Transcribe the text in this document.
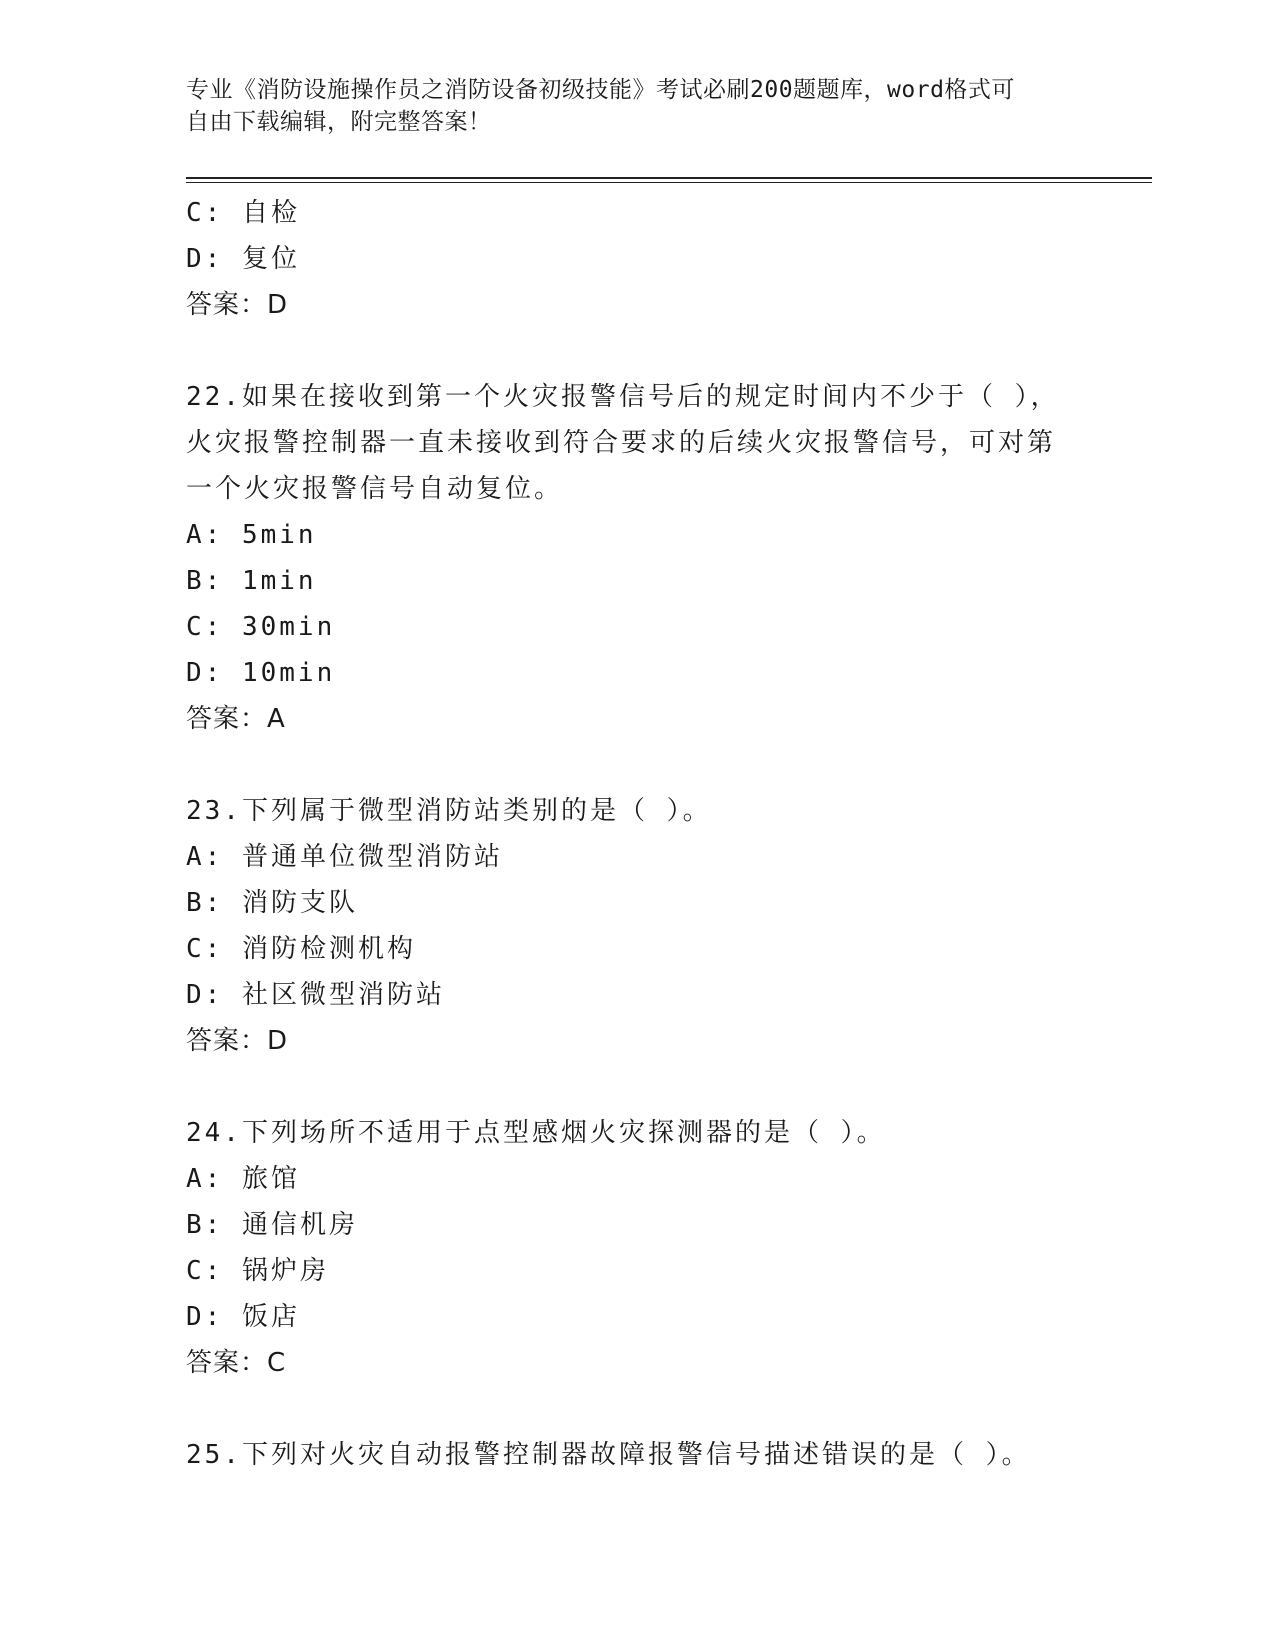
专业《消防设施操作员之消防设备初级技能》考试必刷200题题库，word格式可
自由下载编辑，附完整答案！
C: 自检
D: 复位
答案：D
22.如果在接收到第一个火灾报警信号后的规定时间内不少于（ ），
火灾报警控制器一直未接收到符合要求的后续火灾报警信号，可对第
一个火灾报警信号自动复位。
A: 5min
B: 1min
C: 30min
D: 10min
答案：A
23.下列属于微型消防站类别的是（ ）。
A: 普通单位微型消防站
B: 消防支队
C: 消防检测机构
D: 社区微型消防站
答案：D
24.下列场所不适用于点型感烟火灾探测器的是（ ）。
A: 旅馆
B: 通信机房
C: 锅炉房
D: 饭店
答案：C
25.下列对火灾自动报警控制器故障报警信号描述错误的是（ ）。
